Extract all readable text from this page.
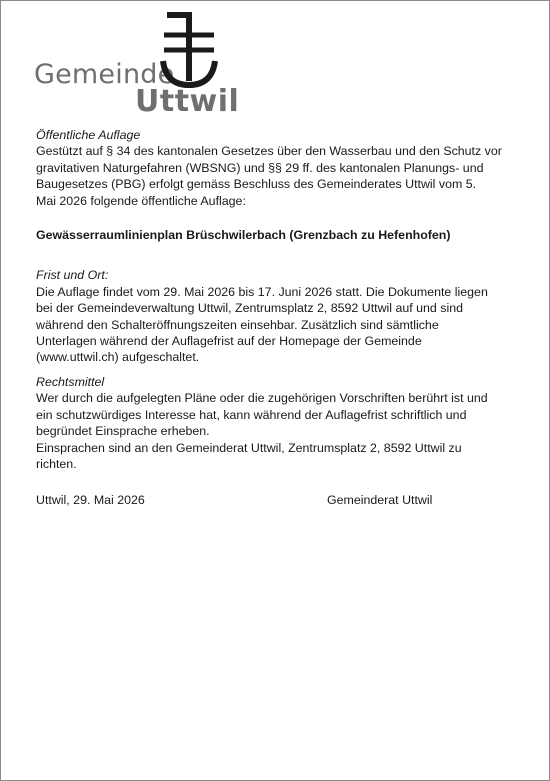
Gemeinde
Uttwil

Öffentliche Auflage

Gestützt auf § 34 des kantonalen Gesetzes über den Wasserbau und den Schutz vor

gravitativen Naturgefahren (WBSNG) und §§ 29 ff. des kantonalen Planungs- und

Baugesetzes (PBG) erfolgt gemäss Beschluss des Gemeinderates Uttwil vom 5.

Mai 2026 folgende öffentliche Auflage:

Gewässerraumlinienplan Brüschwilerbach (Grenzbach zu Hefenhofen)

Frist und Ort:

Die Auflage findet vom 29. Mai 2026 bis 17. Juni 2026 statt. Die Dokumente liegen

bei der Gemeindeverwaltung Uttwil, Zentrumsplatz 2, 8592 Uttwil auf und sind

während den Schalteröffnungszeiten einsehbar. Zusätzlich sind sämtliche

Unterlagen während der Auflagefrist auf der Homepage der Gemeinde

(www.uttwil.ch) aufgeschaltet.

Rechtsmittel

Wer durch die aufgelegten Pläne oder die zugehörigen Vorschriften berührt ist und

ein schutzwürdiges Interesse hat, kann während der Auflagefrist schriftlich und

begründet Einsprache erheben.

Einsprachen sind an den Gemeinderat Uttwil, Zentrumsplatz 2, 8592 Uttwil zu

richten.

Uttwil, 29. Mai 2026	Gemeinderat Uttwil
